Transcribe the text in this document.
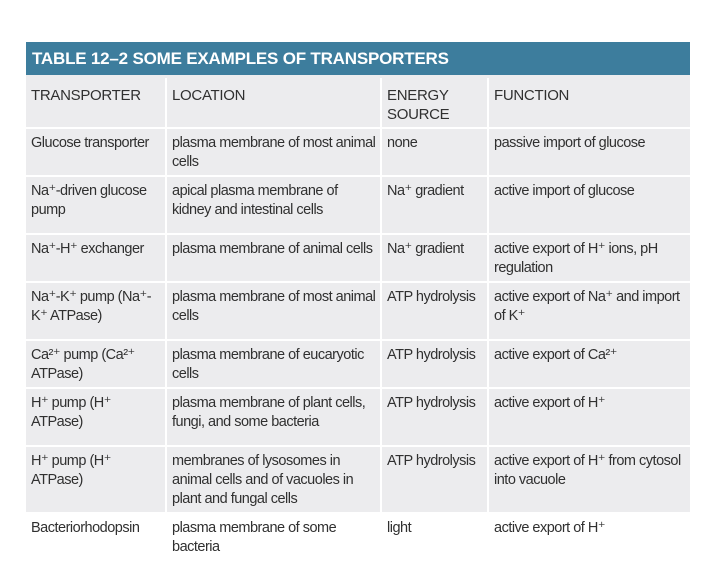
TABLE 12–2 SOME EXAMPLES OF TRANSPORTERS
TRANSPORTER	LOCATION	ENERGY SOURCE	FUNCTION
Glucose transporter	plasma membrane of most animal cells	none	passive import of glucose
Na⁺-driven glucose pump	apical plasma membrane of kidney and intestinal cells	Na⁺ gradient	active import of glucose
Na⁺-H⁺ exchanger	plasma membrane of animal cells	Na⁺ gradient	active export of H⁺ ions, pH regulation
Na⁺-K⁺ pump (Na⁺-K⁺ ATPase)	plasma membrane of most animal cells	ATP hydrolysis	active export of Na⁺ and import of K⁺
Ca²⁺ pump (Ca²⁺ ATPase)	plasma membrane of eucaryotic cells	ATP hydrolysis	active export of Ca²⁺
H⁺ pump (H⁺ ATPase)	plasma membrane of plant cells, fungi, and some bacteria	ATP hydrolysis	active export of H⁺
H⁺ pump (H⁺ ATPase)	membranes of lysosomes in animal cells and of vacuoles in plant and fungal cells	ATP hydrolysis	active export of H⁺ from cytosol into vacuole
Bacteriorhodopsin	plasma membrane of some bacteria	light	active export of H⁺
